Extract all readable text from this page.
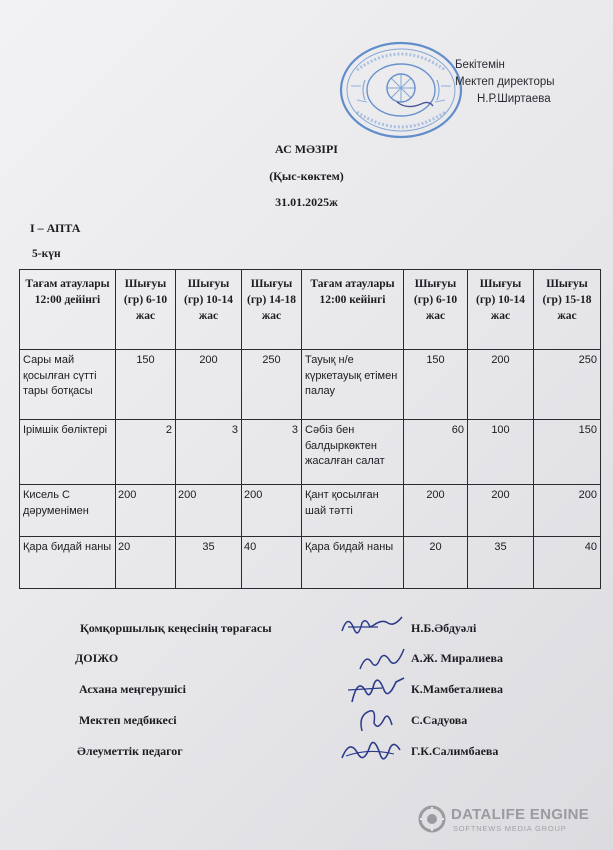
Бекітемін
Мектеп директоры
Н.Р.Ширтаева
АС МӘЗІРІ
(Қыс-көктем)
31.01.2025ж
I – АПТА
5-күн
Тағам атаулары 12:00 дейінгі	Шығуы (гр) 6-10 жас	Шығуы (гр) 10-14 жас	Шығуы (гр) 14-18 жас	Тағам атаулары 12:00 кейінгі	Шығуы (гр) 6-10 жас	Шығуы (гр) 10-14 жас	Шығуы (гр) 15-18 жас
Сары май қосылған сүтті тары ботқасы	150	200	250	Тауық н/е күркетауық етімен палау	150	200	250
Ірімшік бөліктері	2	3	3	Сәбіз бен балдыркөктен жасалған салат	60	100	150
Кисель С дәруменімен	200	200	200	Қант қосылған шай тәтті	200	200	200
Қара бидай наны	20	35	40	Қара бидай наны	20	35	40
Қомқоршылық кеңесінің төрағасы	Н.Б.Әбдуәлі
ДОІЖО	А.Ж. Миралиева
Асхана меңгерушісі	К.Мамбеталиева
Мектеп медбикесі	С.Садуова
Әлеуметтік педагог	Г.К.Салимбаева
DATALIFE ENGINE
SOFTNEWS MEDIA GROUP
